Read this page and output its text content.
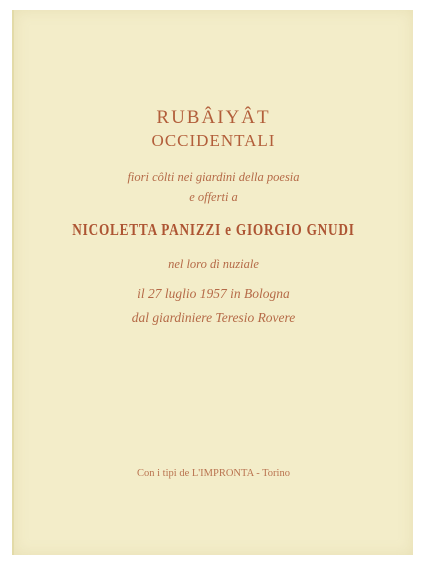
RUBÂIYÂT
OCCIDENTALI
fiori côlti nei giardini della poesia
e offerti a
NICOLETTA PANIZZI e GIORGIO GNUDI
nel loro dì nuziale
il 27 luglio 1957 in Bologna
dal giardiniere Teresio Rovere
Con i tipi de L'IMPRONTA - Torino
